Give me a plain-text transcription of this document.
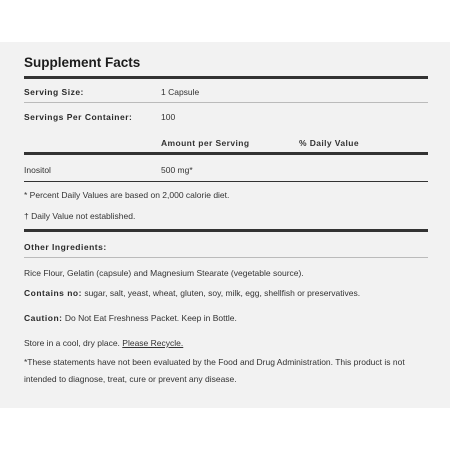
Supplement Facts
Serving Size:	1 Capsule
Servings Per Container:	100
Amount per Serving	% Daily Value
Inositol	500 mg*
* Percent Daily Values are based on 2,000 calorie diet.
† Daily Value not established.
Other Ingredients:
Rice Flour, Gelatin (capsule) and Magnesium Stearate (vegetable source).
Contains no: sugar, salt, yeast, wheat, gluten, soy, milk, egg, shellfish or preservatives.
Caution: Do Not Eat Freshness Packet. Keep in Bottle.
Store in a cool, dry place. Please Recycle.
*These statements have not been evaluated by the Food and Drug Administration. This product is not
intended to diagnose, treat, cure or prevent any disease.
